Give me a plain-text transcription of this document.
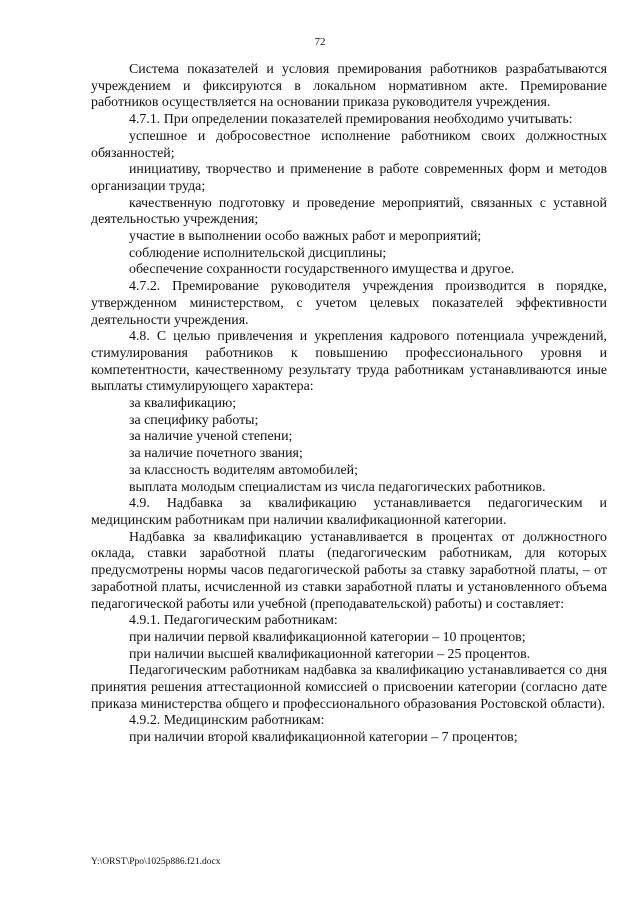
72

Система показателей и условия премирования работников разрабатываются учреждением и фиксируются в локальном нормативном акте. Премирование работников осуществляется на основании приказа руководителя учреждения.

4.7.1. При определении показателей премирования необходимо учитывать:

успешное и добросовестное исполнение работником своих должностных обязанностей;

инициативу, творчество и применение в работе современных форм и методов организации труда;

качественную подготовку и проведение мероприятий, связанных с уставной деятельностью учреждения;

участие в выполнении особо важных работ и мероприятий;

соблюдение исполнительской дисциплины;

обеспечение сохранности государственного имущества и другое.

4.7.2. Премирование руководителя учреждения производится в порядке, утвержденном министерством, с учетом целевых показателей эффективности деятельности учреждения.

4.8. С целью привлечения и укрепления кадрового потенциала учреждений, стимулирования работников к повышению профессионального уровня и компетентности, качественному результату труда работникам устанавливаются иные выплаты стимулирующего характера:

за квалификацию;

за специфику работы;

за наличие ученой степени;

за наличие почетного звания;

за классность водителям автомобилей;

выплата молодым специалистам из числа педагогических работников.

4.9. Надбавка за квалификацию устанавливается педагогическим и медицинским работникам при наличии квалификационной категории.

Надбавка за квалификацию устанавливается в процентах от должностного оклада, ставки заработной платы (педагогическим работникам, для которых предусмотрены нормы часов педагогической работы за ставку заработной платы, – от заработной платы, исчисленной из ставки заработной платы и установленного объема педагогической работы или учебной (преподавательской) работы) и составляет:

4.9.1. Педагогическим работникам:

при наличии первой квалификационной категории – 10 процентов;

при наличии высшей квалификационной категории – 25 процентов.

Педагогическим работникам надбавка за квалификацию устанавливается со дня принятия решения аттестационной комиссией о присвоении категории (согласно дате приказа министерства общего и профессионального образования Ростовской области).

4.9.2. Медицинским работникам:

при наличии второй квалификационной категории – 7 процентов;

Y:\ORST\Ppo\1025p886.f21.docx
